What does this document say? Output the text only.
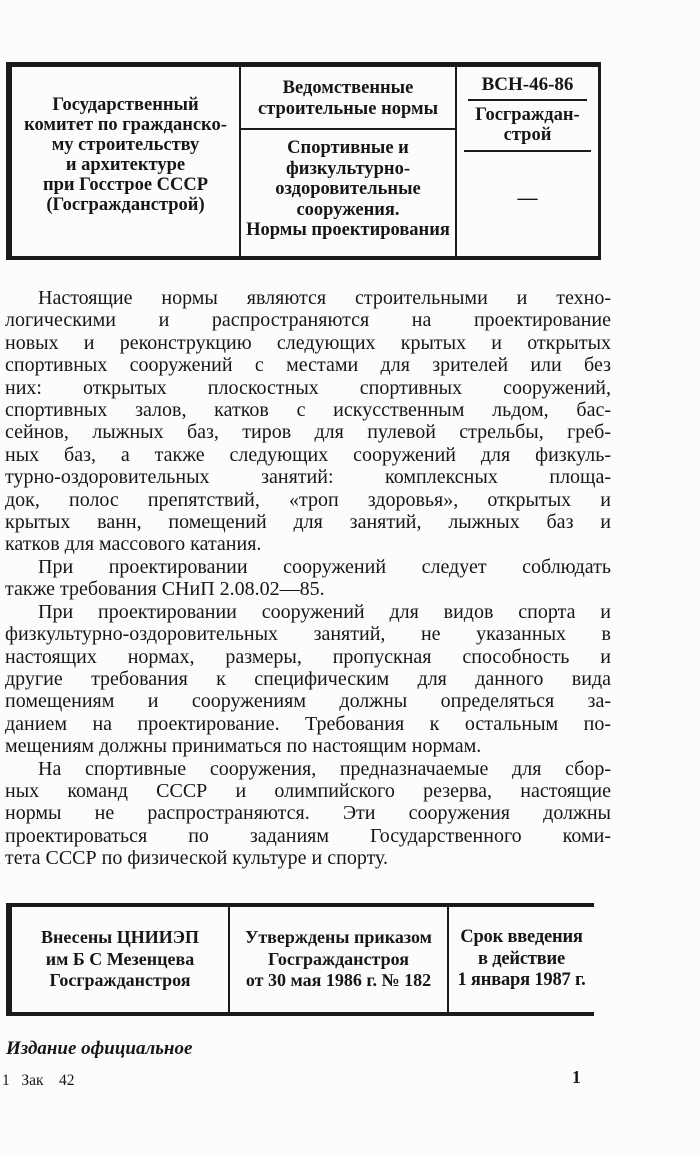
Государственный
комитет по гражданско-
му строительству
и архитектуре
при Госстрое СССР
(Госгражданстрой)
Ведомственные
строительные нормы
Спортивные и
физкультурно-
оздоровительные
сооружения.
Нормы проектирования
ВСН-46-86
Госграждан-
строй
—
Настоящие нормы являются строительными и техно-
логическими и распространяются на проектирование
новых и реконструкцию следующих крытых и открытых
спортивных сооружений с местами для зрителей или без
них: открытых плоскостных спортивных сооружений,
спортивных залов, катков с искусственным льдом, бас-
сейнов, лыжных баз, тиров для пулевой стрельбы, греб-
ных баз, а также следующих сооружений для физкуль-
турно-оздоровительных занятий: комплексных площа-
док, полос препятствий, «троп здоровья», открытых и
крытых ванн, помещений для занятий, лыжных баз и
катков для массового катания.
При проектировании сооружений следует соблюдать
также требования СНиП 2.08.02—85.
При проектировании сооружений для видов спорта и
физкультурно-оздоровительных занятий, не указанных в
настоящих нормах, размеры, пропускная способность и
другие требования к специфическим для данного вида
помещениям и сооружениям должны определяться за-
данием на проектирование. Требования к остальным по-
мещениям должны приниматься по настоящим нормам.
На спортивные сооружения, предназначаемые для сбор-
ных команд СССР и олимпийского резерва, настоящие
нормы не распространяются. Эти сооружения должны
проектироваться по заданиям Государственного коми-
тета СССР по физической культуре и спорту.
Внесены ЦНИИЭП
им Б С Мезенцева
Госгражданстроя
Утверждены приказом
Госгражданстроя
от 30 мая 1986 г. № 182
Срок введения
в действие
1 января 1987 г.
Издание официальное
1   Зак    42	1
